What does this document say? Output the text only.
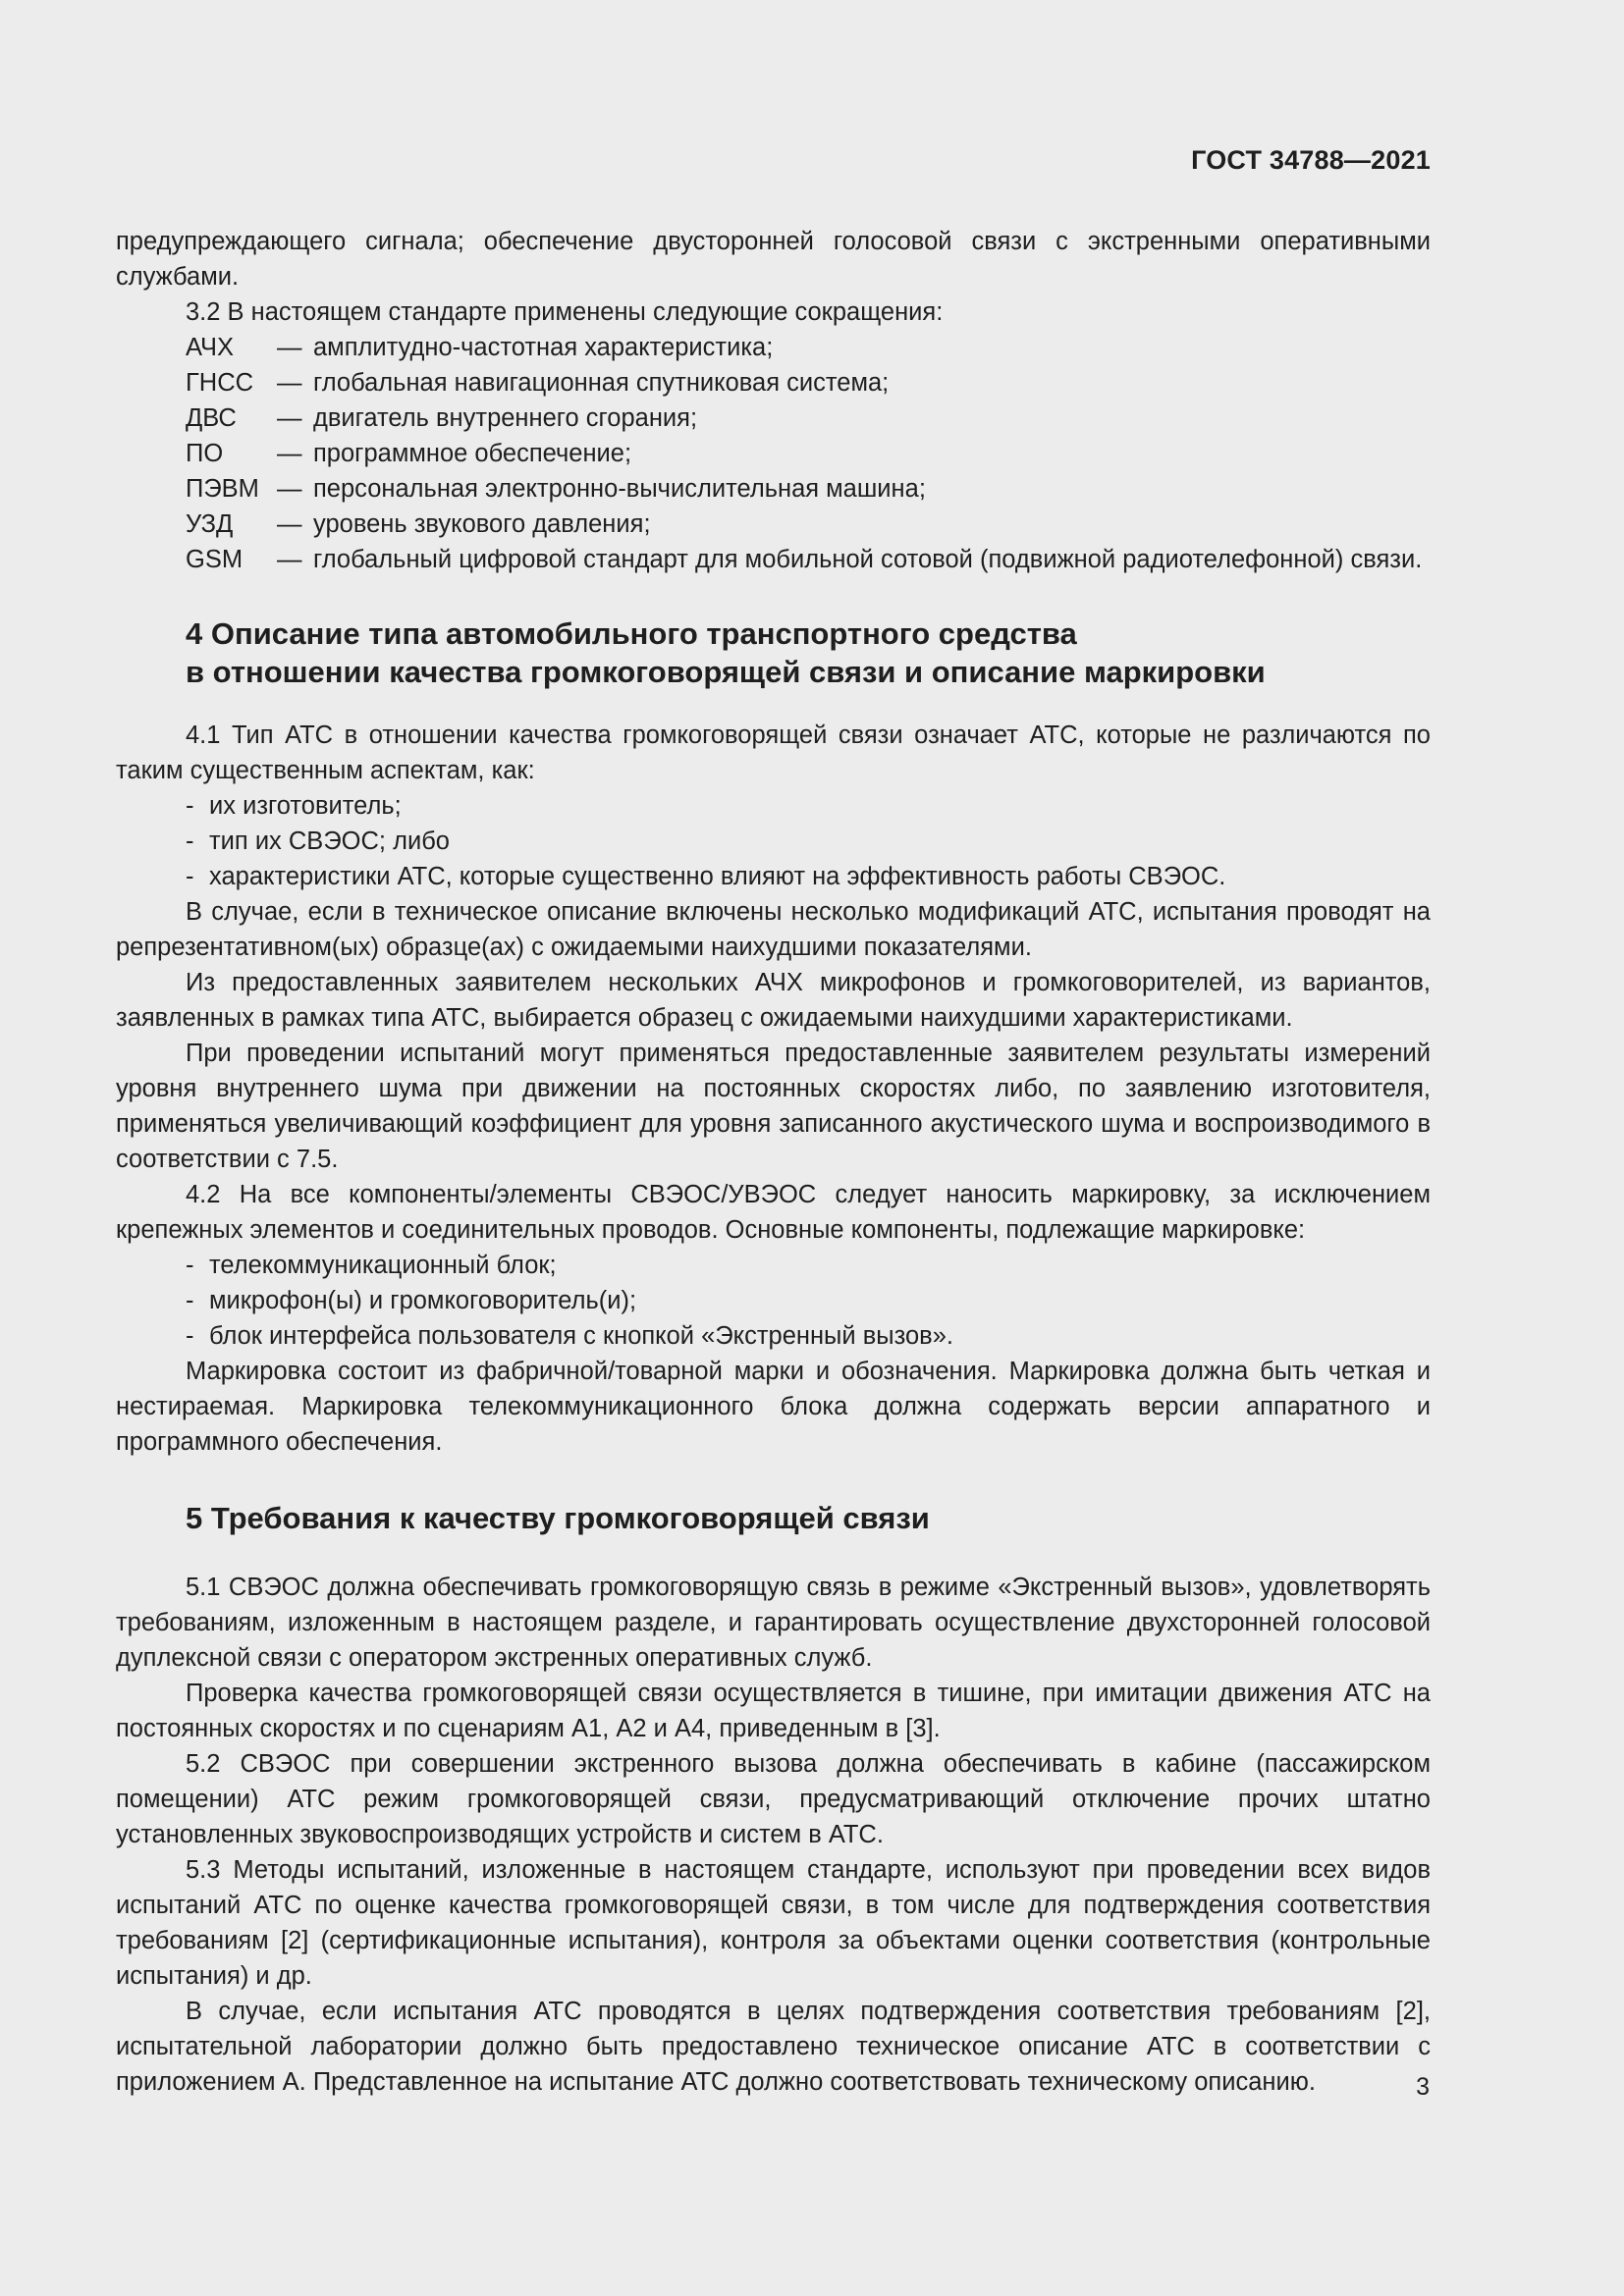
ГОСТ 34788—2021

предупреждающего сигнала; обеспечение двусторонней голосовой связи с экстренными оперативными службами.

3.2 В настоящем стандарте применены следующие сокращения:

АЧХ	— амплитудно-частотная характеристика;
ГНСС — глобальная навигационная спутниковая система;
ДВС	— двигатель внутреннего сгорания;
ПО	— программное обеспечение;
ПЭВМ — персональная электронно-вычислительная машина;
УЗД	— уровень звукового давления;
GSM	— глобальный цифровой стандарт для мобильной сотовой (подвижной радиотелефонной) связи.
4 Описание типа автомобильного транспортного средства
в отношении качества громкоговорящей связи и описание маркировки

4.1 Тип АТС в отношении качества громкоговорящей связи означает АТС, которые не различаются по таким существенным аспектам, как:

- их изготовитель;
- тип их СВЭОС; либо
- характеристики АТС, которые существенно влияют на эффективность работы СВЭОС.

В случае, если в техническое описание включены несколько модификаций АТС, испытания проводят на репрезентативном(ых) образце(ах) с ожидаемыми наихудшими показателями.

Из предоставленных заявителем нескольких АЧХ микрофонов и громкоговорителей, из вариантов, заявленных в рамках типа АТС, выбирается образец с ожидаемыми наихудшими характеристиками.

При проведении испытаний могут применяться предоставленные заявителем результаты измерений уровня внутреннего шума при движении на постоянных скоростях либо, по заявлению изготовителя, применяться увеличивающий коэффициент для уровня записанного акустического шума и воспроизводимого в соответствии с 7.5.

4.2 На все компоненты/элементы СВЭОС/УВЭОС следует наносить маркировку, за исключением крепежных элементов и соединительных проводов. Основные компоненты, подлежащие маркировке:

- телекоммуникационный блок;
- микрофон(ы) и громкоговоритель(и);
- блок интерфейса пользователя с кнопкой «Экстренный вызов».

Маркировка состоит из фабричной/товарной марки и обозначения. Маркировка должна быть четкая и нестираемая. Маркировка телекоммуникационного блока должна содержать версии аппаратного и программного обеспечения.

5 Требования к качеству громкоговорящей связи

5.1 СВЭОС должна обеспечивать громкоговорящую связь в режиме «Экстренный вызов», удовлетворять требованиям, изложенным в настоящем разделе, и гарантировать осуществление двухсторонней голосовой дуплексной связи с оператором экстренных оперативных служб.

Проверка качества громкоговорящей связи осуществляется в тишине, при имитации движения АТС на постоянных скоростях и по сценариям А1, А2 и А4, приведенным в [3].

5.2 СВЭОС при совершении экстренного вызова должна обеспечивать в кабине (пассажирском помещении) АТС режим громкоговорящей связи, предусматривающий отключение прочих штатно установленных звуковоспроизводящих устройств и систем в АТС.

5.3 Методы испытаний, изложенные в настоящем стандарте, используют при проведении всех видов испытаний АТС по оценке качества громкоговорящей связи, в том числе для подтверждения соответствия требованиям [2] (сертификационные испытания), контроля за объектами оценки соответствия (контрольные испытания) и др.

В случае, если испытания АТС проводятся в целях подтверждения соответствия требованиям [2], испытательной лаборатории должно быть предоставлено техническое описание АТС в соответствии с приложением А. Представленное на испытание АТС должно соответствовать техническому описанию.	3
